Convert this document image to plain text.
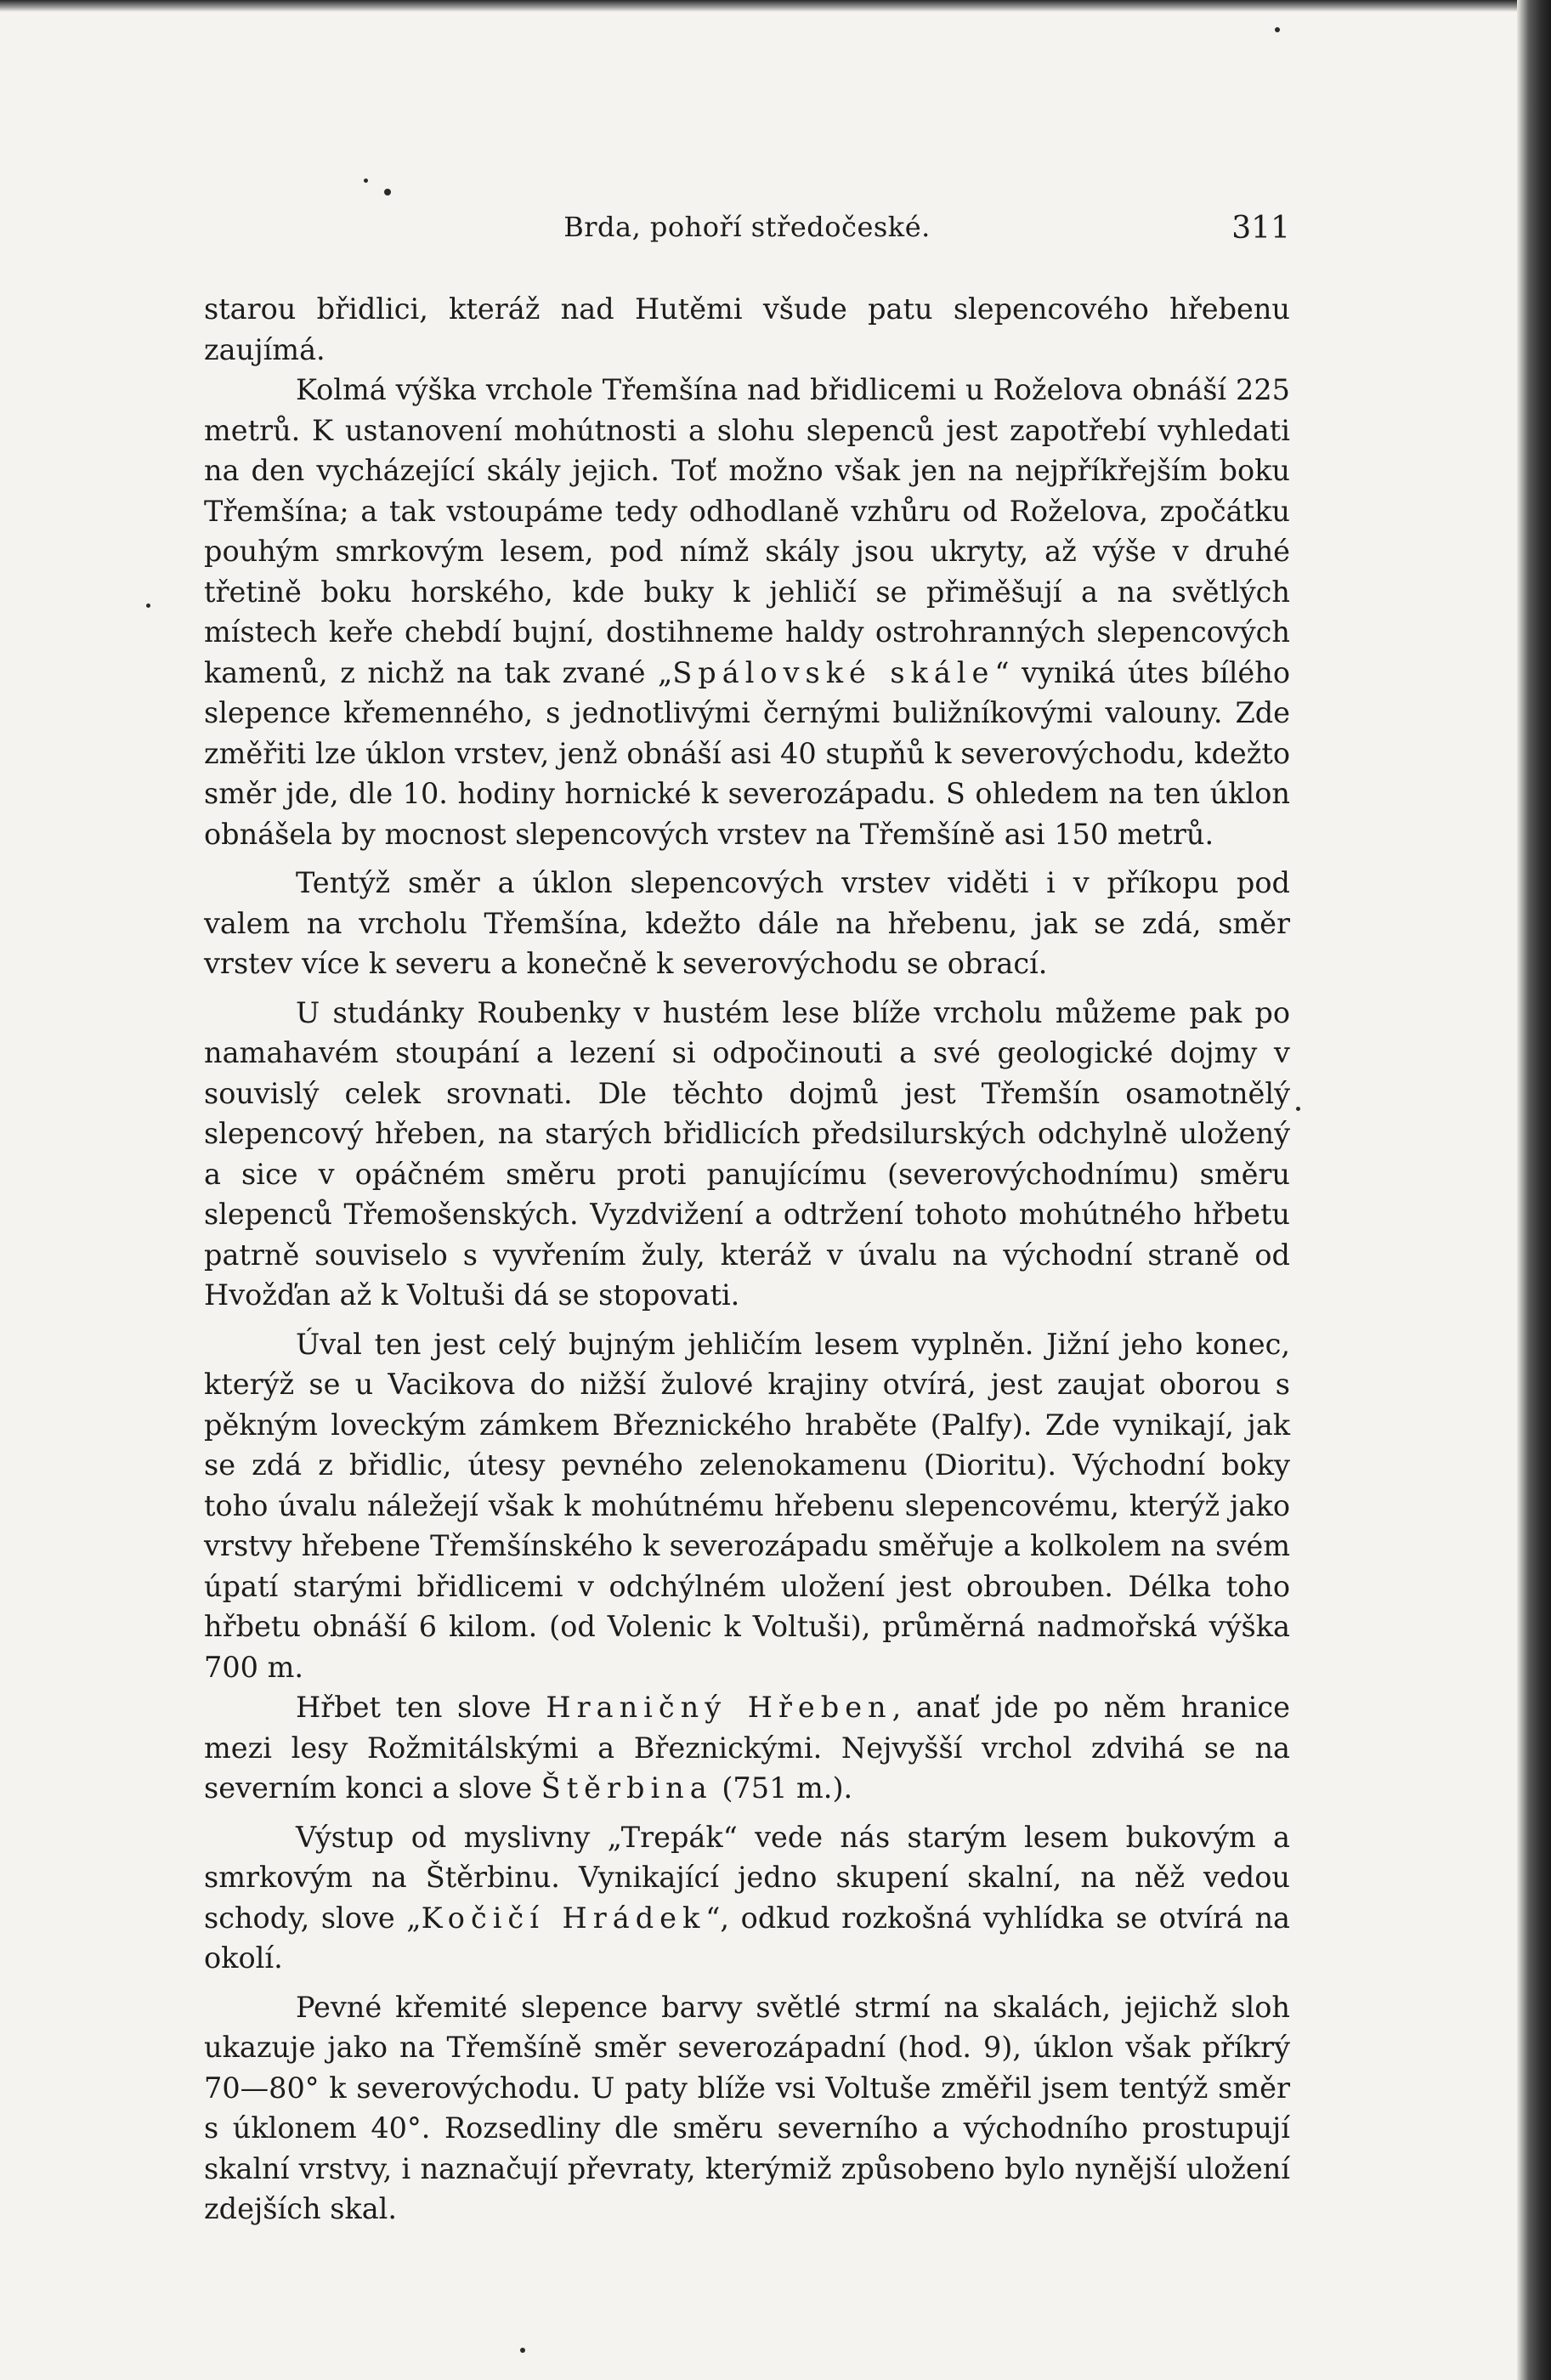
Brda, pohoří středočeské.	311

starou břidlici, kteráž nad Hutěmi všude patu slepencového hřebenu zaujímá.

Kolmá výška vrchole Třemšína nad břidlicemi u Roželova obnáší 225 metrů. K ustanovení mohútnosti a slohu slepenců jest zapotřebí vyhledati na den vycházející skály jejich. Toť možno však jen na nejpříkřejším boku Třemšína; a tak vstoupáme tedy odhodlaně vzhůru od Roželova, zpočátku pouhým smrkovým lesem, pod nímž skály jsou ukryty, až výše v druhé třetině boku horského, kde buky k jehličí se přiměšují a na světlých místech keře chebdí bujní, dostihneme haldy ostrohranných slepencových kamenů, z nichž na tak zvané „Spálovské skále“ vyniká útes bílého slepence křemenného, s jednotlivými černými buližníkovými valouny. Zde změřiti lze úklon vrstev, jenž obnáší asi 40 stupňů k severovýchodu, kdežto směr jde, dle 10. hodiny hornické k severozápadu. S ohledem na ten úklon obnášela by mocnost slepencových vrstev na Třemšíně asi 150 metrů.

Tentýž směr a úklon slepencových vrstev viděti i v příkopu pod valem na vrcholu Třemšína, kdežto dále na hřebenu, jak se zdá, směr vrstev více k severu a konečně k severovýchodu se obrací.

U studánky Roubenky v hustém lese blíže vrcholu můžeme pak po namahavém stoupání a lezení si odpočinouti a své geologické dojmy v souvislý celek srovnati. Dle těchto dojmů jest Třemšín osamotnělý slepencový hřeben, na starých břidlicích předsilurských odchylně uložený a sice v opáčném směru proti panujícímu (severovýchodnímu) směru slepenců Třemošenských. Vyzdvižení a odtržení tohoto mohútného hřbetu patrně souviselo s vyvřením žuly, kteráž v úvalu na východní straně od Hvožďan až k Voltuši dá se stopovati.

Úval ten jest celý bujným jehličím lesem vyplněn. Jižní jeho konec, kterýž se u Vacikova do nižší žulové krajiny otvírá, jest zaujat oborou s pěkným loveckým zámkem Březnického hraběte (Palfy). Zde vynikají, jak se zdá z břidlic, útesy pevného zelenokamenu (Dioritu). Východní boky toho úvalu náležejí však k mohútnému hřebenu slepencovému, kterýž jako vrstvy hřebene Třemšínského k severozápadu směřuje a kolkolem na svém úpatí starými břidlicemi v odchýlném uložení jest obrouben. Délka toho hřbetu obnáší 6 kilom. (od Volenic k Voltuši), průměrná nadmořská výška 700 m.

Hřbet ten slove Hraničný Hřeben, anať jde po něm hranice mezi lesy Rožmitálskými a Březnickými. Nejvyšší vrchol zdvihá se na severním konci a slove Štěrbina (751 m.).

Výstup od myslivny „Trepák“ vede nás starým lesem bukovým a smrkovým na Štěrbinu. Vynikající jedno skupení skalní, na něž vedou schody, slove „Kočičí Hrádek“, odkud rozkošná vyhlídka se otvírá na okolí.

Pevné křemité slepence barvy světlé strmí na skalách, jejichž sloh ukazuje jako na Třemšíně směr severozápadní (hod. 9), úklon však příkrý 70—80° k severovýchodu. U paty blíže vsi Voltuše změřil jsem tentýž směr s úklonem 40°. Rozsedliny dle směru severního a východního prostupují skalní vrstvy, i naznačují převraty, kterýmiž způsobeno bylo nynější uložení zdejších skal.
